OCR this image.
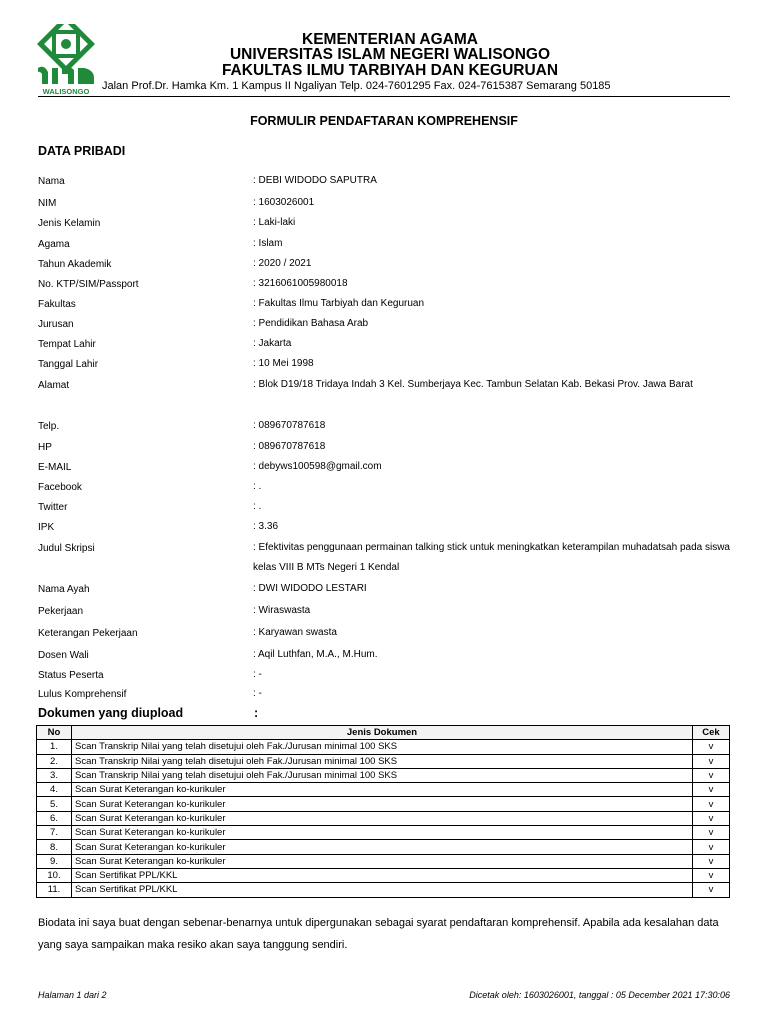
WALISONGO
KEMENTERIAN AGAMA
UNIVERSITAS ISLAM NEGERI WALISONGO
FAKULTAS ILMU TARBIYAH DAN KEGURUAN
Jalan Prof.Dr. Hamka Km. 1 Kampus II Ngaliyan Telp. 024-7601295 Fax. 024-7615387 Semarang 50185
FORMULIR PENDAFTARAN KOMPREHENSIF
DATA PRIBADI
Nama	: DEBI WIDODO SAPUTRA
NIM	: 1603026001
Jenis Kelamin	: Laki-laki
Agama	: Islam
Tahun Akademik	: 2020 / 2021
No. KTP/SIM/Passport	: 3216061005980018
Fakultas	: Fakultas Ilmu Tarbiyah dan Keguruan
Jurusan	: Pendidikan Bahasa Arab
Tempat Lahir	: Jakarta
Tanggal Lahir	: 10 Mei 1998
Alamat	: Blok D19/18 Tridaya Indah 3 Kel. Sumberjaya Kec. Tambun Selatan Kab. Bekasi Prov. Jawa Barat
Telp.	: 089670787618
HP	: 089670787618
E-MAIL	: debyws100598@gmail.com
Facebook	: .
Twitter	: .
IPK	: 3.36
Judul Skripsi	: Efektivitas penggunaan permainan talking stick untuk meningkatkan keterampilan muhadatsah pada siswa kelas VIII B MTs Negeri 1 Kendal
Nama Ayah	: DWI WIDODO LESTARI
Pekerjaan	: Wiraswasta
Keterangan Pekerjaan	: Karyawan swasta
Dosen Wali	: Aqil Luthfan, M.A., M.Hum.
Status Peserta	: -
Lulus Komprehensif	: -
Dokumen yang diupload	:
No	Jenis Dokumen	Cek
1.	Scan Transkrip Nilai yang telah disetujui oleh Fak./Jurusan minimal 100 SKS	v
2.	Scan Transkrip Nilai yang telah disetujui oleh Fak./Jurusan minimal 100 SKS	v
3.	Scan Transkrip Nilai yang telah disetujui oleh Fak./Jurusan minimal 100 SKS	v
4.	Scan Surat Keterangan ko-kurikuler	v
5.	Scan Surat Keterangan ko-kurikuler	v
6.	Scan Surat Keterangan ko-kurikuler	v
7.	Scan Surat Keterangan ko-kurikuler	v
8.	Scan Surat Keterangan ko-kurikuler	v
9.	Scan Surat Keterangan ko-kurikuler	v
10.	Scan Sertifikat PPL/KKL	v
11.	Scan Sertifikat PPL/KKL	v
Biodata ini saya buat dengan sebenar-benarnya untuk dipergunakan sebagai syarat pendaftaran komprehensif. Apabila ada kesalahan data yang saya sampaikan maka resiko akan saya tanggung sendiri.
Halaman 1 dari 2	Dicetak oleh: 1603026001, tanggal : 05 December 2021 17:30:06
